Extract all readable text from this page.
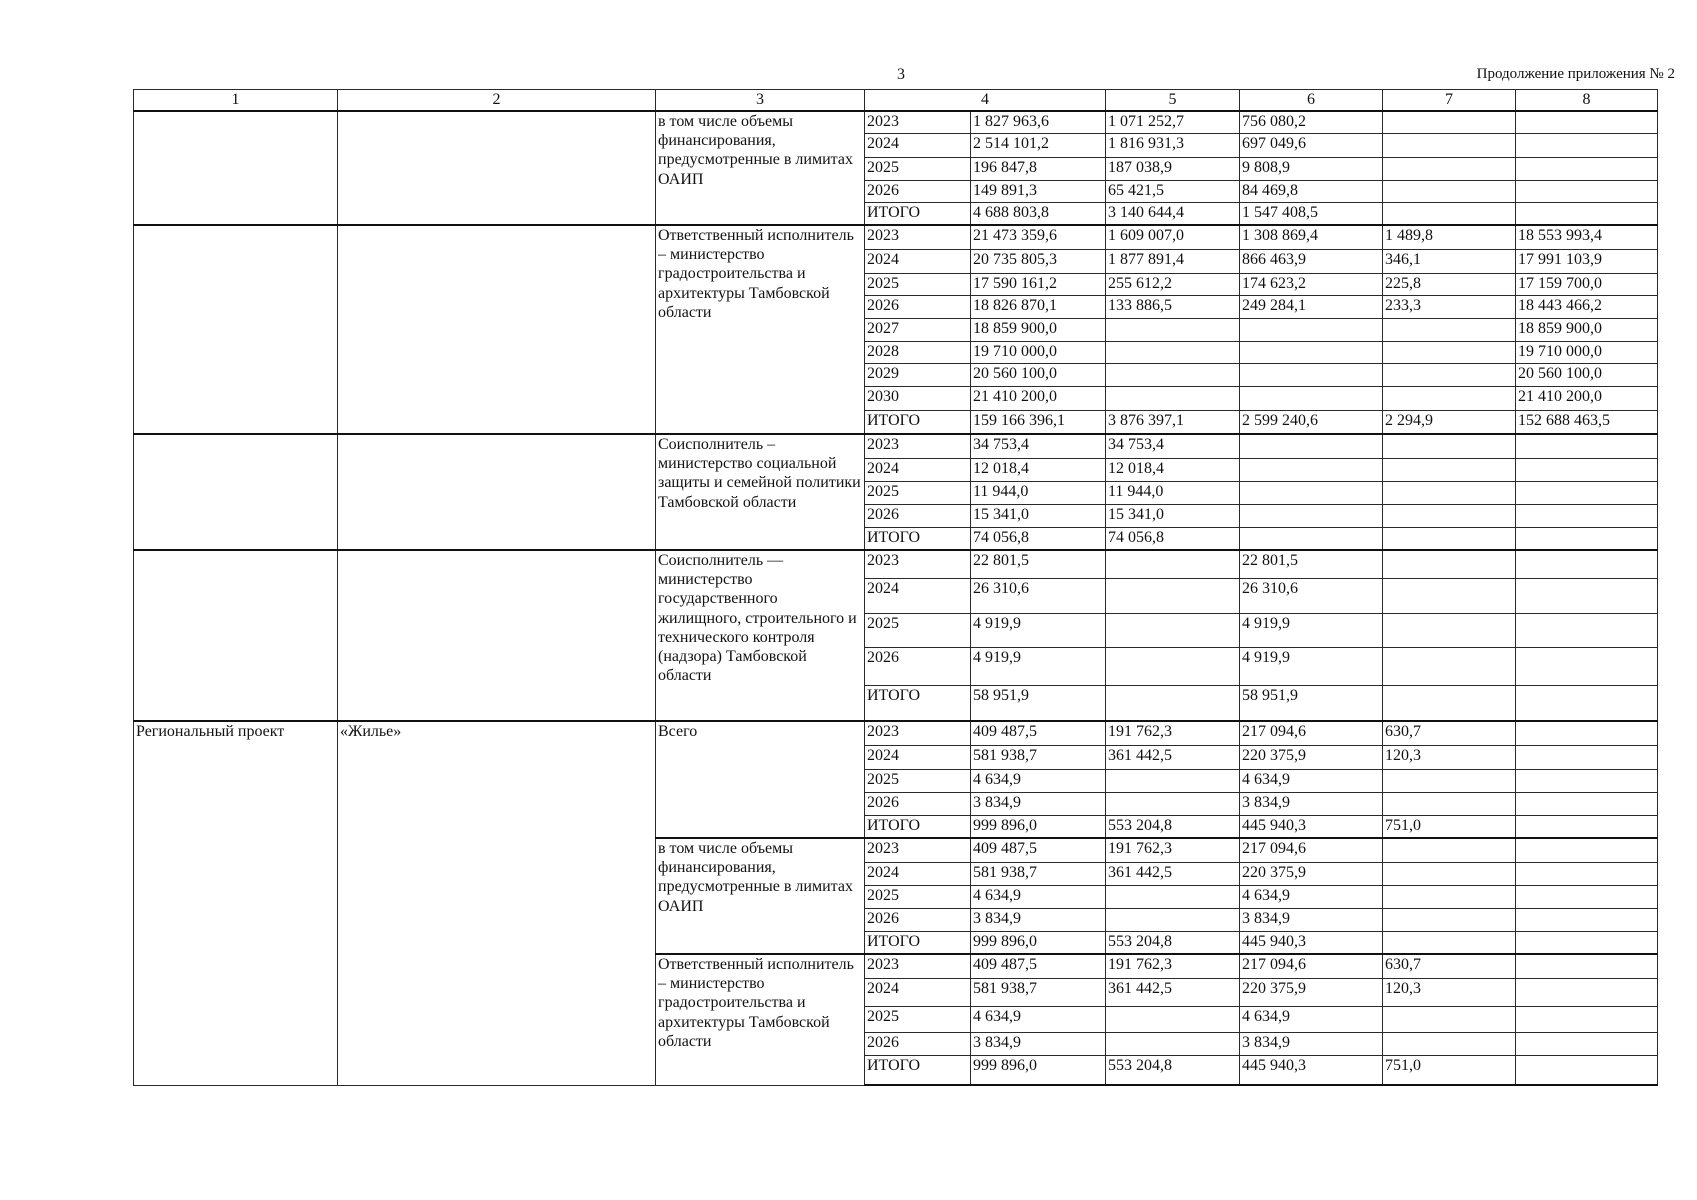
3	Продолжение приложения № 2
1	2	3	4		5	6	7	8
		в том числе объемы финансирования, предусмотренные в лимитах ОАИП	2023	1 827 963,6	1 071 252,7	756 080,2		
			2024	2 514 101,2	1 816 931,3	697 049,6		
			2025	196 847,8	187 038,9	9 808,9		
			2026	149 891,3	65 421,5	84 469,8		
			ИТОГО	4 688 803,8	3 140 644,4	1 547 408,5		
		Ответственный исполнитель – министерство градостроительства и архитектуры Тамбовской области	2023	21 473 359,6	1 609 007,0	1 308 869,4	1 489,8	18 553 993,4
			2024	20 735 805,3	1 877 891,4	866 463,9	346,1	17 991 103,9
			2025	17 590 161,2	255 612,2	174 623,2	225,8	17 159 700,0
			2026	18 826 870,1	133 886,5	249 284,1	233,3	18 443 466,2
			2027	18 859 900,0				18 859 900,0
			2028	19 710 000,0				19 710 000,0
			2029	20 560 100,0				20 560 100,0
			2030	21 410 200,0				21 410 200,0
			ИТОГО	159 166 396,1	3 876 397,1	2 599 240,6	2 294,9	152 688 463,5
		Соисполнитель – министерство социальной защиты и семейной политики Тамбовской области	2023	34 753,4	34 753,4			
			2024	12 018,4	12 018,4			
			2025	11 944,0	11 944,0			
			2026	15 341,0	15 341,0			
			ИТОГО	74 056,8	74 056,8			
		Соисполнитель — министерство государственного жилищного, строительного и технического контроля (надзора) Тамбовской области	2023	22 801,5		22 801,5		
			2024	26 310,6		26 310,6		
			2025	4 919,9		4 919,9		
			2026	4 919,9		4 919,9		
			ИТОГО	58 951,9		58 951,9		
Региональный проект	«Жилье»	Всего	2023	409 487,5	191 762,3	217 094,6	630,7	
			2024	581 938,7	361 442,5	220 375,9	120,3	
			2025	4 634,9		4 634,9		
			2026	3 834,9		3 834,9		
			ИТОГО	999 896,0	553 204,8	445 940,3	751,0	
		в том числе объемы финансирования, предусмотренные в лимитах ОАИП	2023	409 487,5	191 762,3	217 094,6		
			2024	581 938,7	361 442,5	220 375,9		
			2025	4 634,9		4 634,9		
			2026	3 834,9		3 834,9		
			ИТОГО	999 896,0	553 204,8	445 940,3		
		Ответственный исполнитель – министерство градостроительства и архитектуры Тамбовской области	2023	409 487,5	191 762,3	217 094,6	630,7	
			2024	581 938,7	361 442,5	220 375,9	120,3	
			2025	4 634,9		4 634,9		
			2026	3 834,9		3 834,9		
			ИТОГО	999 896,0	553 204,8	445 940,3	751,0	
